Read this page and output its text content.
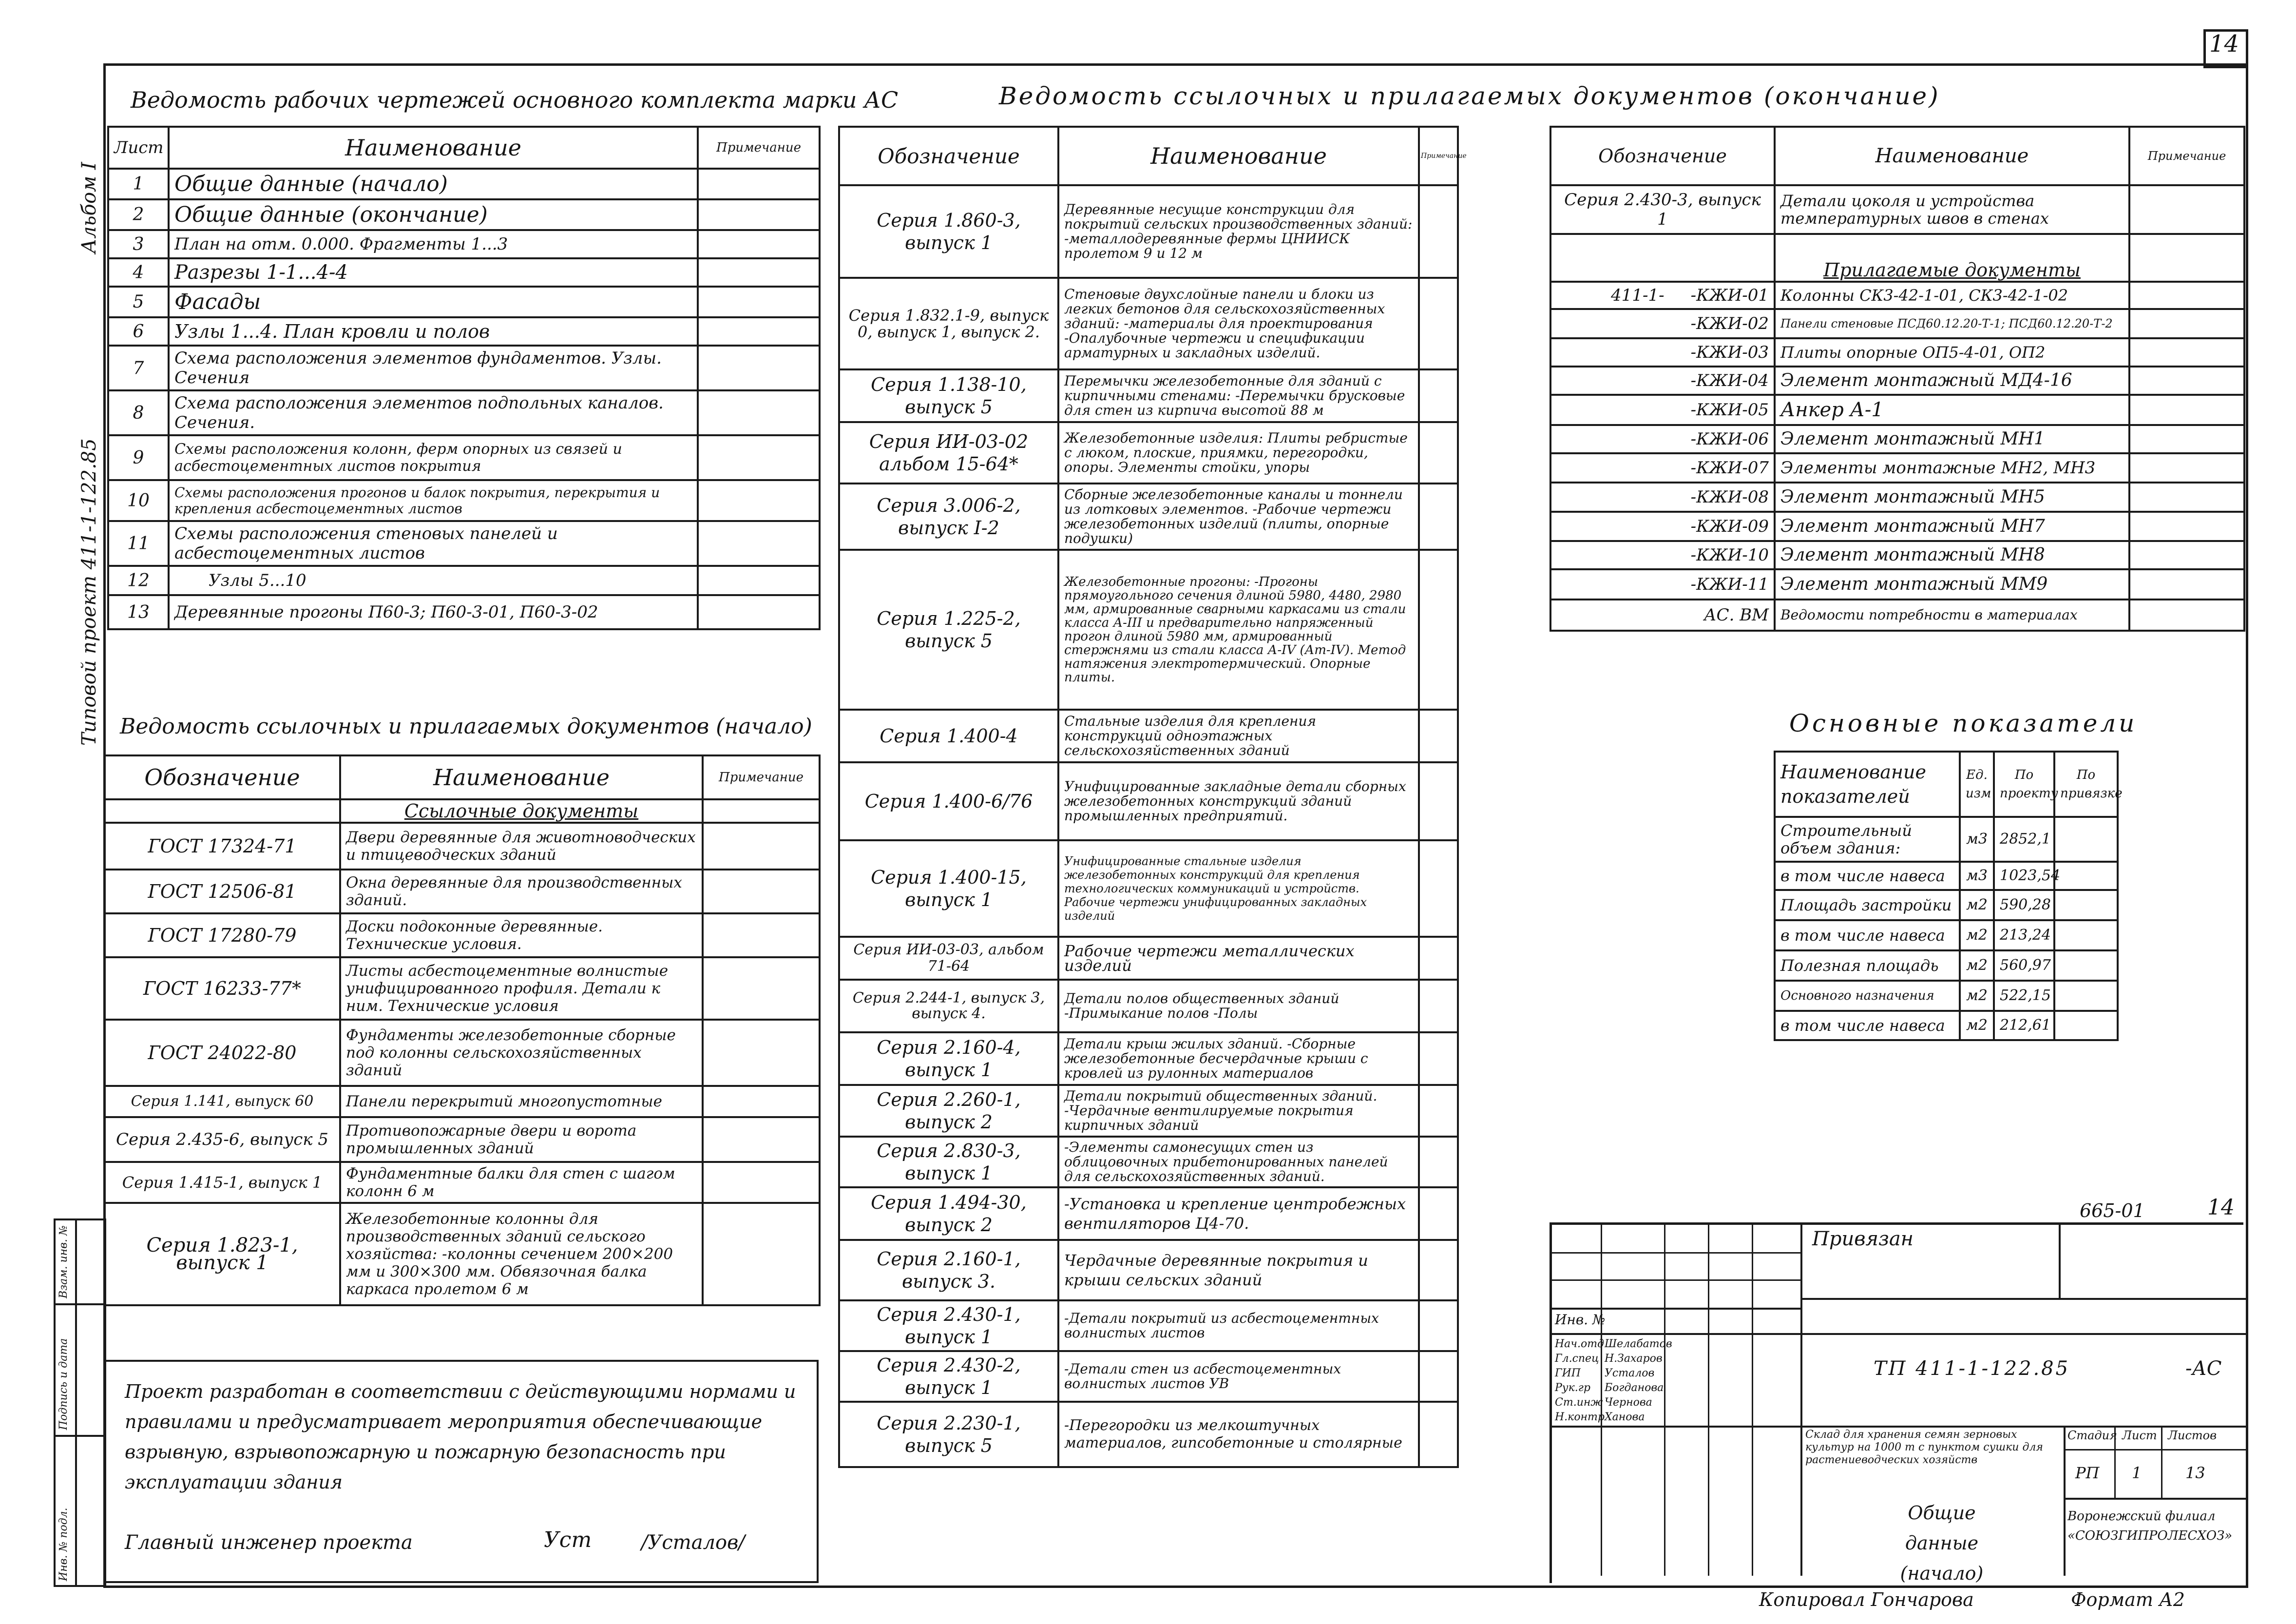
14
Альбом I
Типовой проект 411-1-122.85
Взам. инв. №
Подпись и дата
Инв. № подл.
Ведомость рабочих чертежей основного комплекта марки АС	Ведомость ссылочных и прилагаемых документов (окончание)
Лист	Наименование	Примечание
1	Общие данные (начало)	
2	Общие данные (окончание)	
3	План на отм. 0.000. Фрагменты 1...3	
4	Разрезы 1-1...4-4	
5	Фасады	
6	Узлы 1...4. План кровли и полов	
7	Схема расположения элементов фундаментов. Узлы. Сечения	
8	Схема расположения элементов подпольных каналов. Сечения.	
9	Схемы расположения колонн, ферм опорных из связей и асбестоцементных листов покрытия	
10	Схемы расположения прогонов и балок покрытия, перекрытия и крепления асбестоцементных листов	
11	Схемы расположения стеновых панелей и асбестоцементных листов	
12	Узлы 5...10	
13	Деревянные прогоны П60-3; П60-3-01, П60-3-02	
Ведомость ссылочных и прилагаемых документов (начало)
Обозначение	Наименование	Примечание
	Ссылочные документы	
ГОСТ 17324-71	Двери деревянные для животноводческих и птицеводческих зданий	
ГОСТ 12506-81	Окна деревянные для производственных зданий.	
ГОСТ 17280-79	Доски подоконные деревянные. Технические условия.	
ГОСТ 16233-77*	Листы асбестоцементные волнистые унифицированного профиля. Детали к ним. Технические условия	
ГОСТ 24022-80	Фундаменты железобетонные сборные под колонны сельскохозяйственных зданий	
Серия 1.141, выпуск 60	Панели перекрытий многопустотные	
Серия 2.435-6, выпуск 5	Противопожарные двери и ворота промышленных зданий	
Серия 1.415-1, выпуск 1	Фундаментные балки для стен с шагом колонн 6 м	
Серия 1.823-1, выпуск 1	Железобетонные колонны для производственных зданий сельского хозяйства: -колонны сечением 200×200 мм и 300×300 мм. Обвязочная балка каркаса пролетом 6 м	
Проект разработан в соответствии с действующими нормами и правилами и предусматривает мероприятия обеспечивающие взрывную, взрывопожарную и пожарную безопасность при эксплуатации здания
Главный инженер проекта	Уст	/Усталов/
Обозначение	Наименование	Примечание
Серия 1.860-3, выпуск 1	Деревянные несущие конструкции для покрытий сельских производственных зданий: -металлодеревянные фермы ЦНИИСК пролетом 9 и 12 м	
Серия 1.832.1-9, выпуск 0, выпуск 1, выпуск 2.	Стеновые двухслойные панели и блоки из легких бетонов для сельскохозяйственных зданий: -материалы для проектирования -Опалубочные чертежи и спецификации арматурных и закладных изделий.	
Серия 1.138-10, выпуск 5	Перемычки железобетонные для зданий с кирпичными стенами: -Перемычки брусковые для стен из кирпича высотой 88 м	
Серия ИИ-03-02 альбом 15-64*	Железобетонные изделия: Плиты ребристые с люком, плоские, приямки, перегородки, опоры. Элементы стойки, упоры	
Серия 3.006-2, выпуск I-2	Сборные железобетонные каналы и тоннели из лотковых элементов. -Рабочие чертежи железобетонных изделий (плиты, опорные подушки)	
Серия 1.225-2, выпуск 5	Железобетонные прогоны: -Прогоны прямоугольного сечения длиной 5980, 4480, 2980 мм, армированные сварными каркасами из стали класса А-III и предварительно напряженный прогон длиной 5980 мм, армированный стержнями из стали класса А-IV (Ат-IV). Метод натяжения электротермический. Опорные плиты.	
Серия 1.400-4	Стальные изделия для крепления конструкций одноэтажных сельскохозяйственных зданий	
Серия 1.400-6/76	Унифицированные закладные детали сборных железобетонных конструкций зданий промышленных предприятий.	
Серия 1.400-15, выпуск 1	Унифицированные стальные изделия железобетонных конструкций для крепления технологических коммуникаций и устройств. Рабочие чертежи унифицированных закладных изделий	
Серия ИИ-03-03, альбом 71-64	Рабочие чертежи металлических изделий	
Серия 2.244-1, выпуск 3, выпуск 4.	Детали полов общественных зданий -Примыкание полов -Полы	
Серия 2.160-4, выпуск 1	Детали крыш жилых зданий. -Сборные железобетонные бесчердачные крыши с кровлей из рулонных материалов	
Серия 2.260-1, выпуск 2	Детали покрытий общественных зданий. -Чердачные вентилируемые покрытия кирпичных зданий	
Серия 2.830-3, выпуск 1	-Элементы самонесущих стен из облицовочных прибетонированных панелей для сельскохозяйственных зданий.	
Серия 1.494-30, выпуск 2	-Установка и крепление центробежных вентиляторов Ц4-70.	
Серия 2.160-1, выпуск 3.	Чердачные деревянные покрытия и крыши сельских зданий	
Серия 2.430-1, выпуск 1	-Детали покрытий из асбестоцементных волнистых листов	
Серия 2.430-2, выпуск 1	-Детали стен из асбестоцементных волнистых листов УВ	
Серия 2.230-1, выпуск 5	-Перегородки из мелкоштучных материалов, гипсобетонные и столярные	
Обозначение	Наименование	Примечание
Серия 2.430-3, выпуск 1	Детали цоколя и устройства температурных швов в стенах	
	Прилагаемые документы	
411-1-     -КЖИ-01	Колонны СК3-42-1-01, СК3-42-1-02	
-КЖИ-02	Панели стеновые ПСД60.12.20-Т-1; ПСД60.12.20-Т-2	
-КЖИ-03	Плиты опорные ОП5-4-01, ОП2	
-КЖИ-04	Элемент монтажный МД4-16	
-КЖИ-05	Анкер А-1	
-КЖИ-06	Элемент монтажный МН1	
-КЖИ-07	Элементы монтажные МН2, МН3	
-КЖИ-08	Элемент монтажный МН5	
-КЖИ-09	Элемент монтажный МН7	
-КЖИ-10	Элемент монтажный МН8	
-КЖИ-11	Элемент монтажный ММ9	
АС. ВМ	Ведомости потребности в материалах	
Основные показатели
Наименование показателей	Ед. изм	По проекту	По привязке
Строительный объем здания:	м3	2852,1	
в том числе навеса	м3	1023,54	
Площадь застройки	м2	590,28	
в том числе навеса	м2	213,24	
Полезная площадь	м2	560,97	
Основного назначения	м2	522,15	
в том числе навеса	м2	212,61	
665-01	14
Привязан
Инв. №
Нач.отд Шелабатов
Гл.спец Н.Захаров
ГИП Усталов
Рук.гр Богданова
Ст.инж Чернова
Н.контр Ханова
ТП 411-1-122.85	-АС
Склад для хранения семян зерновых культур на 1000 т с пунктом сушки для растениеводческих хозяйств
Общие данные (начало)
Стадия Лист Листов
РП 1	13
Воронежский филиал «СОЮЗГИПРОЛЕСХОЗ»
Копировал Гончарова	Формат А2
